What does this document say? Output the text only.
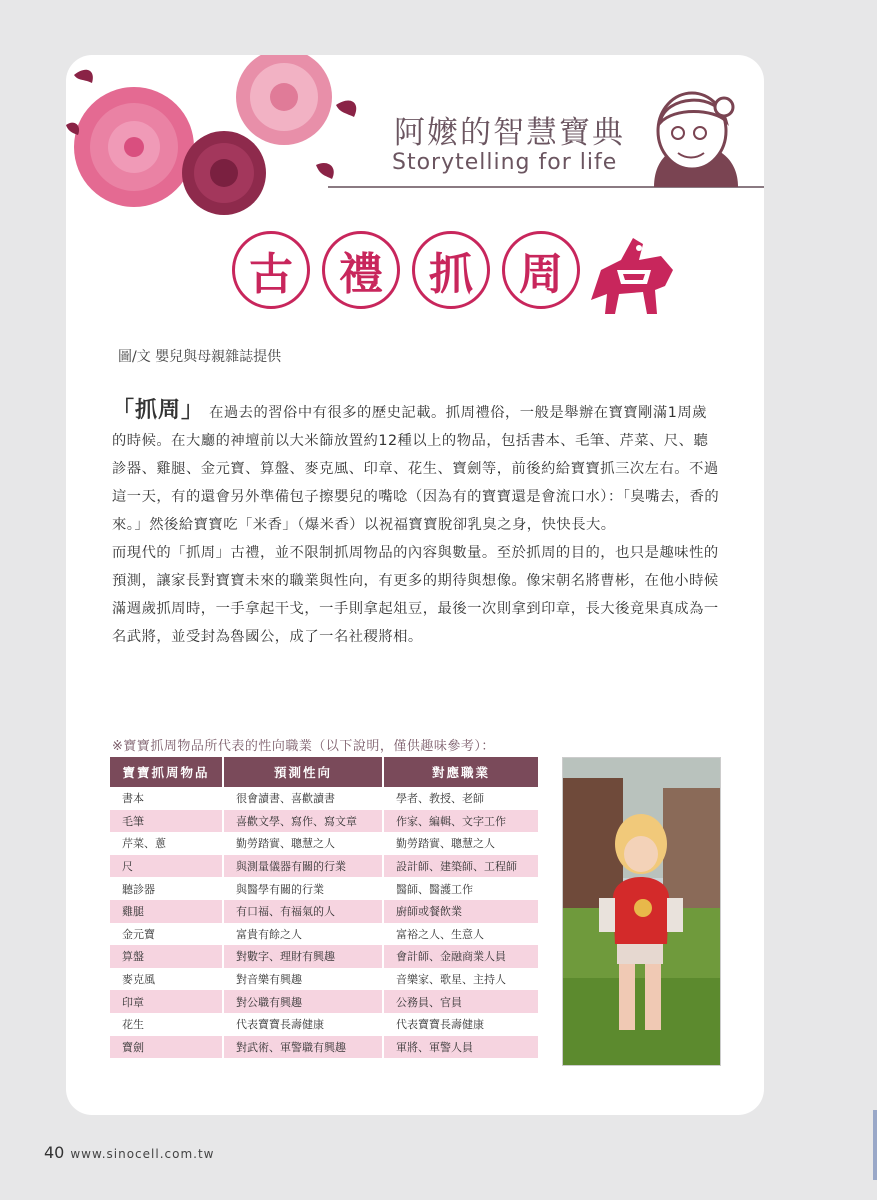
阿嬤的智慧寶典
Storytelling for life
古	禮	抓	周
圖/文 嬰兒與母親雜誌提供

「抓周」 在過去的習俗中有很多的歷史記載。抓周禮俗，一般是舉辦在寶寶剛滿1周歲的時候。在大廳的神壇前以大米篩放置約12種以上的物品，包括書本、毛筆、芹菜、尺、聽診器、雞腿、金元寶、算盤、麥克風、印章、花生、寶劍等，前後約給寶寶抓三次左右。不過這一天，有的還會另外準備包子擦嬰兒的嘴唸（因為有的寶寶還是會流口水）：「臭嘴去，香的來。」然後給寶寶吃「米香」（爆米香）以祝福寶寶脫卻乳臭之身，快快長大。

而現代的「抓周」古禮，並不限制抓周物品的內容與數量。至於抓周的目的，也只是趣味性的預測，讓家長對寶寶未來的職業與性向，有更多的期待與想像。像宋朝名將曹彬，在他小時候滿週歲抓周時，一手拿起干戈，一手則拿起俎豆，最後一次則拿到印章，長大後竟果真成為一名武將，並受封為魯國公，成了一名社稷將相。

※寶寶抓周物品所代表的性向職業（以下說明，僅供趣味參考）：
寶寶抓周物品	預測性向	對應職業
書本	很會讀書、喜歡讀書	學者、教授、老師
毛筆	喜歡文學、寫作、寫文章	作家、編輯、文字工作
芹菜、蔥	勤勞踏實、聰慧之人	勤勞踏實、聰慧之人
尺	與測量儀器有關的行業	設計師、建築師、工程師
聽診器	與醫學有關的行業	醫師、醫護工作
雞腿	有口福、有福氣的人	廚師或餐飲業
金元寶	富貴有餘之人	富裕之人、生意人
算盤	對數字、理財有興趣	會計師、金融商業人員
麥克風	對音樂有興趣	音樂家、歌星、主持人
印章	對公職有興趣	公務員、官員
花生	代表寶寶長壽健康	代表寶寶長壽健康
寶劍	對武術、軍警職有興趣	軍將、軍警人員
40 www.sinocell.com.tw
